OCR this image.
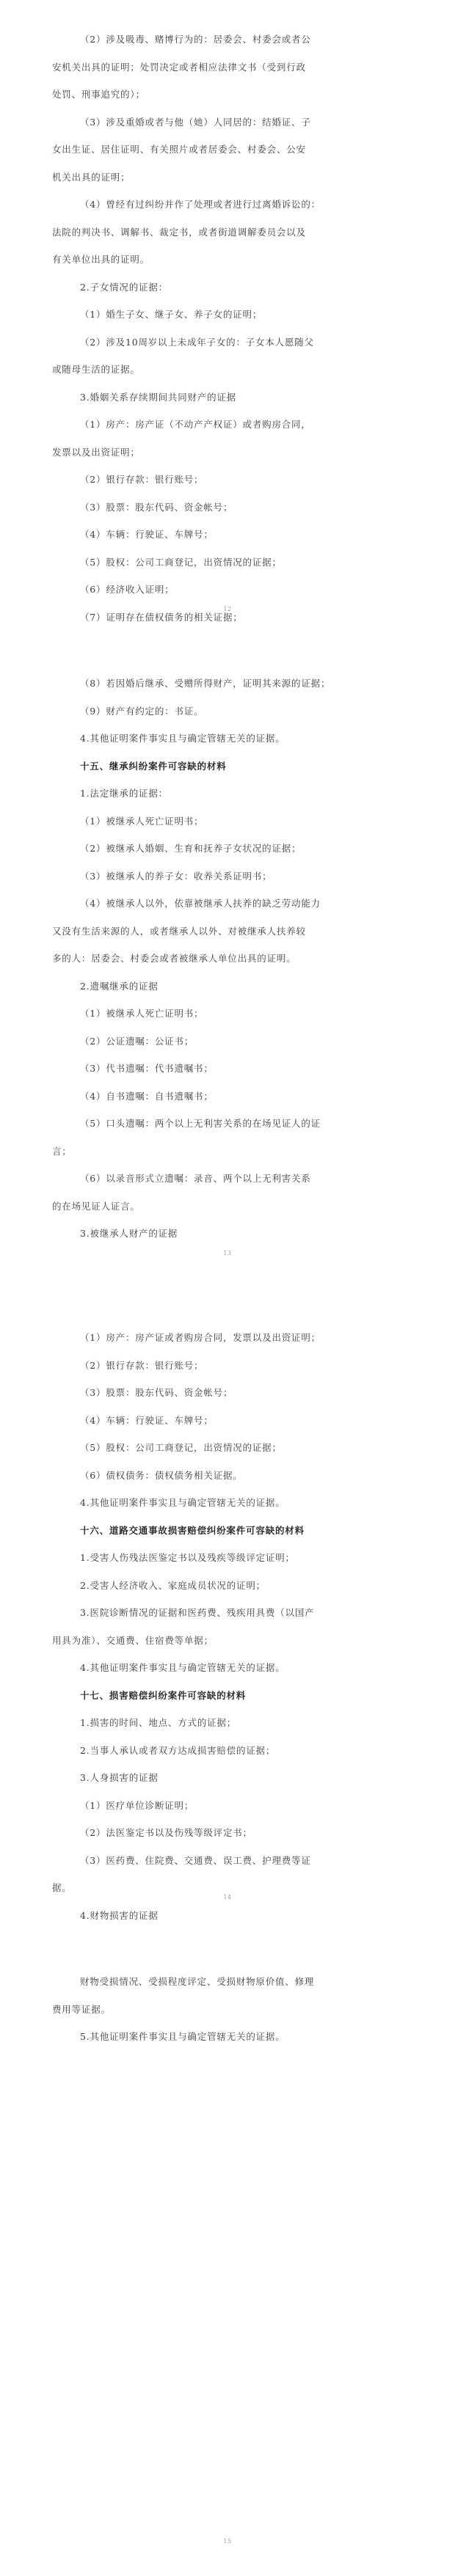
（2）涉及吸毒、赌博行为的：居委会、村委会或者公
安机关出具的证明；处罚决定或者相应法律文书（受到行政
处罚、刑事追究的）；
（3）涉及重婚或者与他（她）人同居的：结婚证、子
女出生证、居住证明、有关照片或者居委会、村委会、公安
机关出具的证明；
（4）曾经有过纠纷并作了处理或者进行过离婚诉讼的：
法院的判决书、调解书、裁定书，或者街道调解委员会以及
有关单位出具的证明。
2.子女情况的证据：
（1）婚生子女、继子女、养子女的证明；
（2）涉及10周岁以上未成年子女的：子女本人愿随父
或随母生活的证据。
3.婚姻关系存续期间共同财产的证据
（1）房产：房产证（不动产产权证）或者购房合同，
发票以及出资证明；
（2）银行存款：银行账号；
（3）股票：股东代码、资金帐号；
（4）车辆：行驶证、车牌号；
（5）股权：公司工商登记，出资情况的证据；
（6）经济收入证明；
（7）证明存在债权债务的相关证据；
12
（8）若因婚后继承、受赠所得财产，证明其来源的证据；
（9）财产有约定的：书证。
4.其他证明案件事实且与确定管辖无关的证据。
十五、继承纠纷案件可容缺的材料
1.法定继承的证据：
（1）被继承人死亡证明书；
（2）被继承人婚姻、生育和抚养子女状况的证据；
（3）被继承人的养子女：收养关系证明书；
（4）被继承人以外，依靠被继承人扶养的缺乏劳动能力
又没有生活来源的人，或者继承人以外、对被继承人扶养较
多的人：居委会、村委会或者被继承人单位出具的证明。
2.遗嘱继承的证据
（1）被继承人死亡证明书；
（2）公证遗嘱：公证书；
（3）代书遗嘱：代书遗嘱书；
（4）自书遗嘱：自书遗嘱书；
（5）口头遗嘱：两个以上无利害关系的在场见证人的证
言；
（6）以录音形式立遗嘱：录音、两个以上无利害关系
的在场见证人证言。
3.被继承人财产的证据
13
（1）房产：房产证或者购房合同，发票以及出资证明；
（2）银行存款：银行账号；
（3）股票：股东代码、资金帐号；
（4）车辆：行驶证、车牌号；
（5）股权：公司工商登记，出资情况的证据；
（6）债权债务：债权债务相关证据。
4.其他证明案件事实且与确定管辖无关的证据。
十六、道路交通事故损害赔偿纠纷案件可容缺的材料
1.受害人伤残法医鉴定书以及残疾等级评定证明；
2.受害人经济收入、家庭成员状况的证明；
3.医院诊断情况的证据和医药费、残疾用具费（以国产
用具为准）、交通费、住宿费等单据；
4.其他证明案件事实且与确定管辖无关的证据。
十七、损害赔偿纠纷案件可容缺的材料
1.损害的时间、地点、方式的证据；
2.当事人承认或者双方达成损害赔偿的证据；
3.人身损害的证据
（1）医疗单位诊断证明；
（2）法医鉴定书以及伤残等级评定书；
（3）医药费、住院费、交通费、误工费、护理费等证
据。
4.财物损害的证据
14
财物受损情况、受损程度评定、受损财物原价值、修理
费用等证据。
5.其他证明案件事实且与确定管辖无关的证据。
15
